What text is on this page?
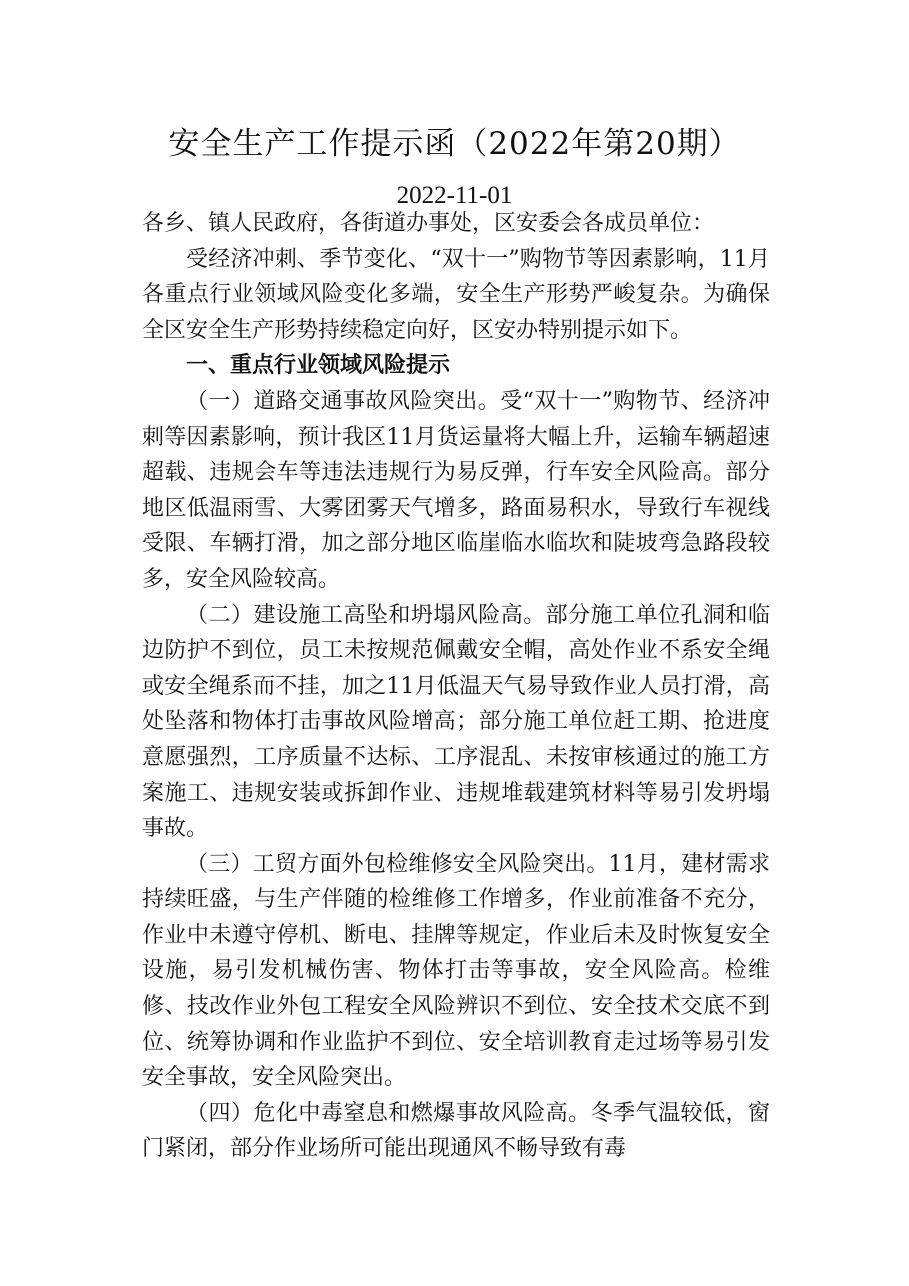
安全生产工作提示函（2022年第20期）
2022-11-01

各乡、镇人民政府，各街道办事处，区安委会各成员单位：

受经济冲刺、季节变化、“双十一”购物节等因素影响，11月各重点行业领域风险变化多端，安全生产形势严峻复杂。为确保全区安全生产形势持续稳定向好，区安办特别提示如下。

一、重点行业领域风险提示

（一）道路交通事故风险突出。受“双十一”购物节、经济冲刺等因素影响，预计我区11月货运量将大幅上升，运输车辆超速超载、违规会车等违法违规行为易反弹，行车安全风险高。部分地区低温雨雪、大雾团雾天气增多，路面易积水，导致行车视线受限、车辆打滑，加之部分地区临崖临水临坎和陡坡弯急路段较多，安全风险较高。

（二）建设施工高坠和坍塌风险高。部分施工单位孔洞和临边防护不到位，员工未按规范佩戴安全帽，高处作业不系安全绳或安全绳系而不挂，加之11月低温天气易导致作业人员打滑，高处坠落和物体打击事故风险增高；部分施工单位赶工期、抢进度意愿强烈，工序质量不达标、工序混乱、未按审核通过的施工方案施工、违规安装或拆卸作业、违规堆载建筑材料等易引发坍塌事故。

（三）工贸方面外包检维修安全风险突出。11月，建材需求持续旺盛，与生产伴随的检维修工作增多，作业前准备不充分，作业中未遵守停机、断电、挂牌等规定，作业后未及时恢复安全设施，易引发机械伤害、物体打击等事故，安全风险高。检维修、技改作业外包工程安全风险辨识不到位、安全技术交底不到位、统筹协调和作业监护不到位、安全培训教育走过场等易引发安全事故，安全风险突出。

（四）危化中毒窒息和燃爆事故风险高。冬季气温较低，窗门紧闭，部分作业场所可能出现通风不畅导致有毒
